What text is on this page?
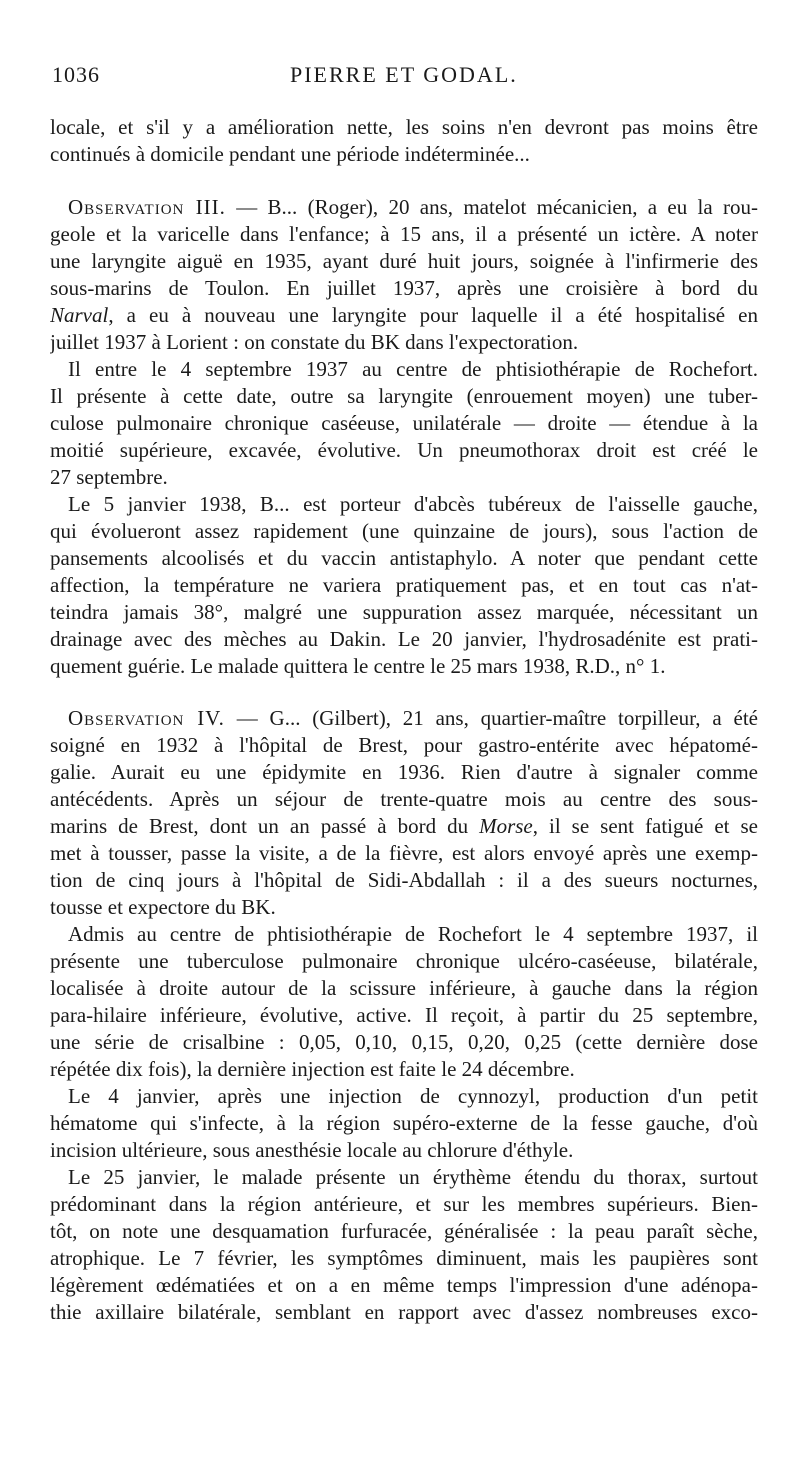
1036	PIERRE ET GODAL.
locale, et s'il y a amélioration nette, les soins n'en devront pas moins être
continués à domicile pendant une période indéterminée...
Observation III. — B... (Roger), 20 ans, matelot mécanicien, a eu la rou-
geole et la varicelle dans l'enfance; à 15 ans, il a présenté un ictère. A noter
une laryngite aiguë en 1935, ayant duré huit jours, soignée à l'infirmerie des
sous-marins de Toulon. En juillet 1937, après une croisière à bord du
Narval, a eu à nouveau une laryngite pour laquelle il a été hospitalisé en
juillet 1937 à Lorient : on constate du BK dans l'expectoration.
Il entre le 4 septembre 1937 au centre de phtisiothérapie de Rochefort.
Il présente à cette date, outre sa laryngite (enrouement moyen) une tuber-
culose pulmonaire chronique caséeuse, unilatérale — droite — étendue à la
moitié supérieure, excavée, évolutive. Un pneumothorax droit est créé le
27 septembre.
Le 5 janvier 1938, B... est porteur d'abcès tubéreux de l'aisselle gauche,
qui évolueront assez rapidement (une quinzaine de jours), sous l'action de
pansements alcoolisés et du vaccin antistaphylo. A noter que pendant cette
affection, la température ne variera pratiquement pas, et en tout cas n'at-
teindra jamais 38°, malgré une suppuration assez marquée, nécessitant un
drainage avec des mèches au Dakin. Le 20 janvier, l'hydrosadénite est prati-
quement guérie. Le malade quittera le centre le 25 mars 1938, R.D., n° 1.
Observation IV. — G... (Gilbert), 21 ans, quartier-maître torpilleur, a été
soigné en 1932 à l'hôpital de Brest, pour gastro-entérite avec hépatomé-
galie. Aurait eu une épidymite en 1936. Rien d'autre à signaler comme
antécédents. Après un séjour de trente-quatre mois au centre des sous-
marins de Brest, dont un an passé à bord du Morse, il se sent fatigué et se
met à tousser, passe la visite, a de la fièvre, est alors envoyé après une exemp-
tion de cinq jours à l'hôpital de Sidi-Abdallah : il a des sueurs nocturnes,
tousse et expectore du BK.
Admis au centre de phtisiothérapie de Rochefort le 4 septembre 1937, il
présente une tuberculose pulmonaire chronique ulcéro-caséeuse, bilatérale,
localisée à droite autour de la scissure inférieure, à gauche dans la région
para-hilaire inférieure, évolutive, active. Il reçoit, à partir du 25 septembre,
une série de crisalbine : 0,05, 0,10, 0,15, 0,20, 0,25 (cette dernière dose
répétée dix fois), la dernière injection est faite le 24 décembre.
Le 4 janvier, après une injection de cynnozyl, production d'un petit
hématome qui s'infecte, à la région supéro-externe de la fesse gauche, d'où
incision ultérieure, sous anesthésie locale au chlorure d'éthyle.
Le 25 janvier, le malade présente un érythème étendu du thorax, surtout
prédominant dans la région antérieure, et sur les membres supérieurs. Bien-
tôt, on note une desquamation furfuracée, généralisée : la peau paraît sèche,
atrophique. Le 7 février, les symptômes diminuent, mais les paupières sont
légèrement œdématiées et on a en même temps l'impression d'une adénopa-
thie axillaire bilatérale, semblant en rapport avec d'assez nombreuses exco-
